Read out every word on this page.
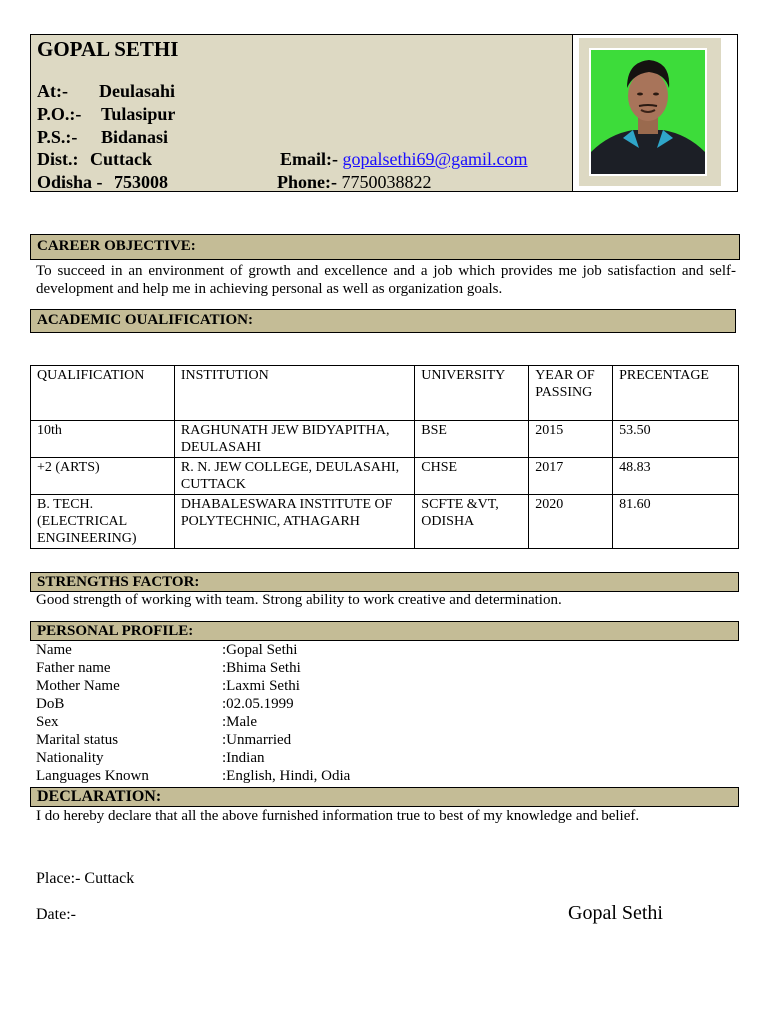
GOPAL SETHI
At:- Deulasahi
P.O.:- Tulasipur
P.S.:- Bidanasi
Dist.: Cuttack
Odisha - 753008
Email:- gopalsethi69@gamil.com
Phone:- 7750038822
CAREER OBJECTIVE:
To succeed in an environment of growth and excellence and a job which provides me job satisfaction and self-development and help me in achieving personal as well as organization goals.
ACADEMIC OUALIFICATION:
QUALIFICATION	INSTITUTION	UNIVERSITY	YEAR OF PASSING	PRECENTAGE
10th	RAGHUNATH JEW BIDYAPITHA, DEULASAHI	BSE	2015	53.50
+2 (ARTS)	R. N. JEW COLLEGE, DEULASAHI, CUTTACK	CHSE	2017	48.83
B. TECH. (ELECTRICAL ENGINEERING)	DHABALESWARA INSTITUTE OF POLYTECHNIC, ATHAGARH	SCFTE &VT, ODISHA	2020	81.60
STRENGTHS FACTOR:
Good strength of working with team. Strong ability to work creative and determination.
PERSONAL PROFILE:
Name	:Gopal Sethi
Father name	:Bhima Sethi
Mother Name	:Laxmi Sethi
DoB	:02.05.1999
Sex	:Male
Marital status	:Unmarried
Nationality	:Indian
Languages Known	:English, Hindi, Odia
DECLARATION:
I do hereby declare that all the above furnished information true to best of my knowledge and belief.
Place:- Cuttack
Date:-	Gopal Sethi
